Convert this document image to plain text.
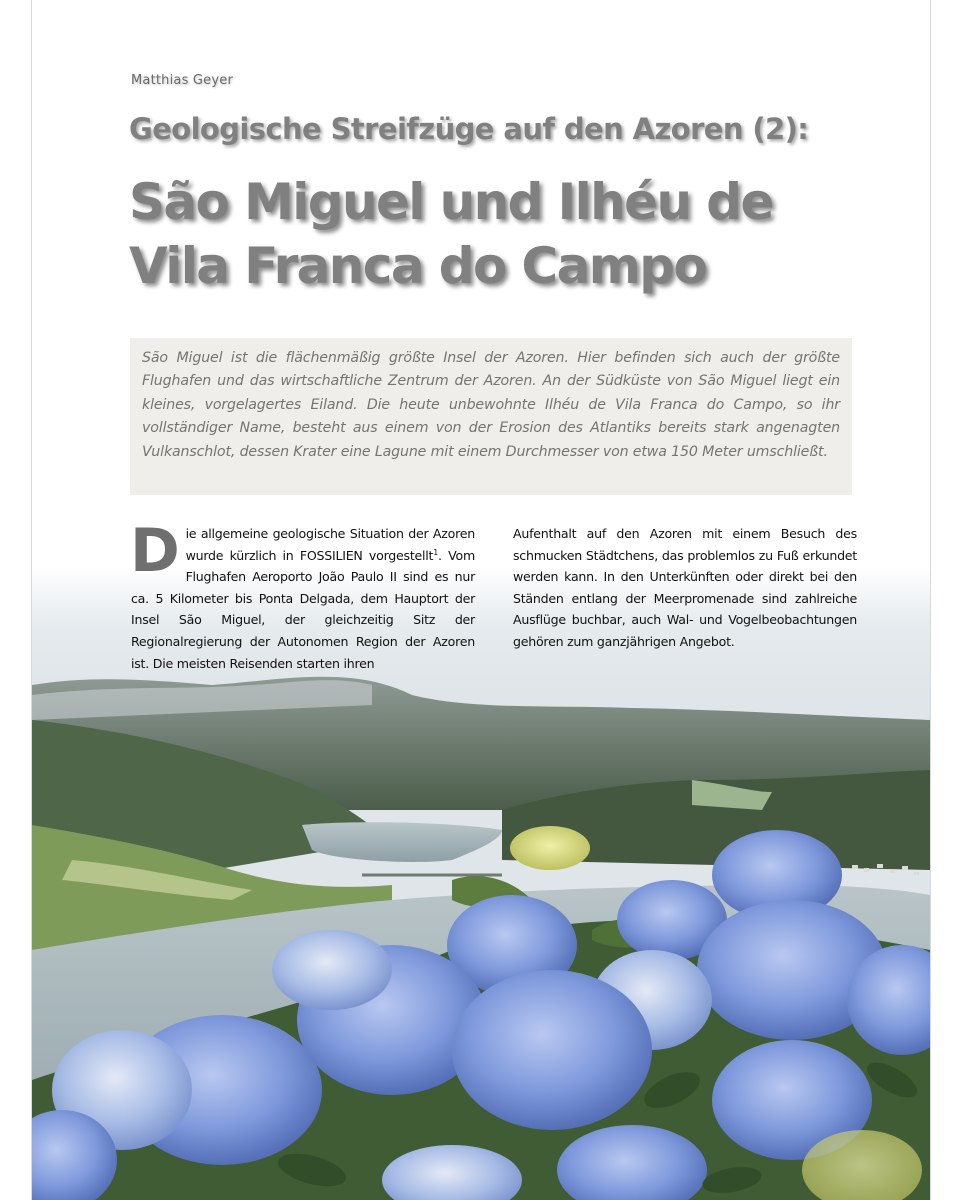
Matthias Geyer
Geologische Streifzüge auf den Azoren (2):
São Miguel und Ilhéu de
Vila Franca do Campo

São Miguel ist die flächenmäßig größte Insel der Azoren. Hier befinden sich auch der größte Flughafen und das wirtschaftliche Zentrum der Azoren. An der Südküste von São Miguel liegt ein kleines, vorgelagertes Eiland. Die heute unbewohnte Ilhéu de Vila Franca do Campo, so ihr vollständiger Name, besteht aus einem von der Erosion des Atlantiks bereits stark angenagten Vulkanschlot, dessen Krater eine Lagune mit einem Durchmesser von etwa 150 Meter umschließt.

Die allgemeine geologische Situation der Azoren wurde kürzlich in FOSSILIEN vorgestellt$^1$. Vom Flughafen Aeroporto João Paulo II sind es nur ca. 5 Kilometer bis Ponta Delgada, dem Hauptort der Insel São Miguel, der gleichzeitig Sitz der Regionalregierung der Autonomen Region der Azoren ist. Die meisten Reisenden starten ihren

Aufenthalt auf den Azoren mit einem Besuch des schmucken Städtchens, das problemlos zu Fuß erkundet werden kann. In den Unterkünften oder direkt bei den Ständen entlang der Meerpromenade sind zahlreiche Ausflüge buchbar, auch Wal- und Vogelbeobachtungen gehören zum ganzjährigen Angebot.
